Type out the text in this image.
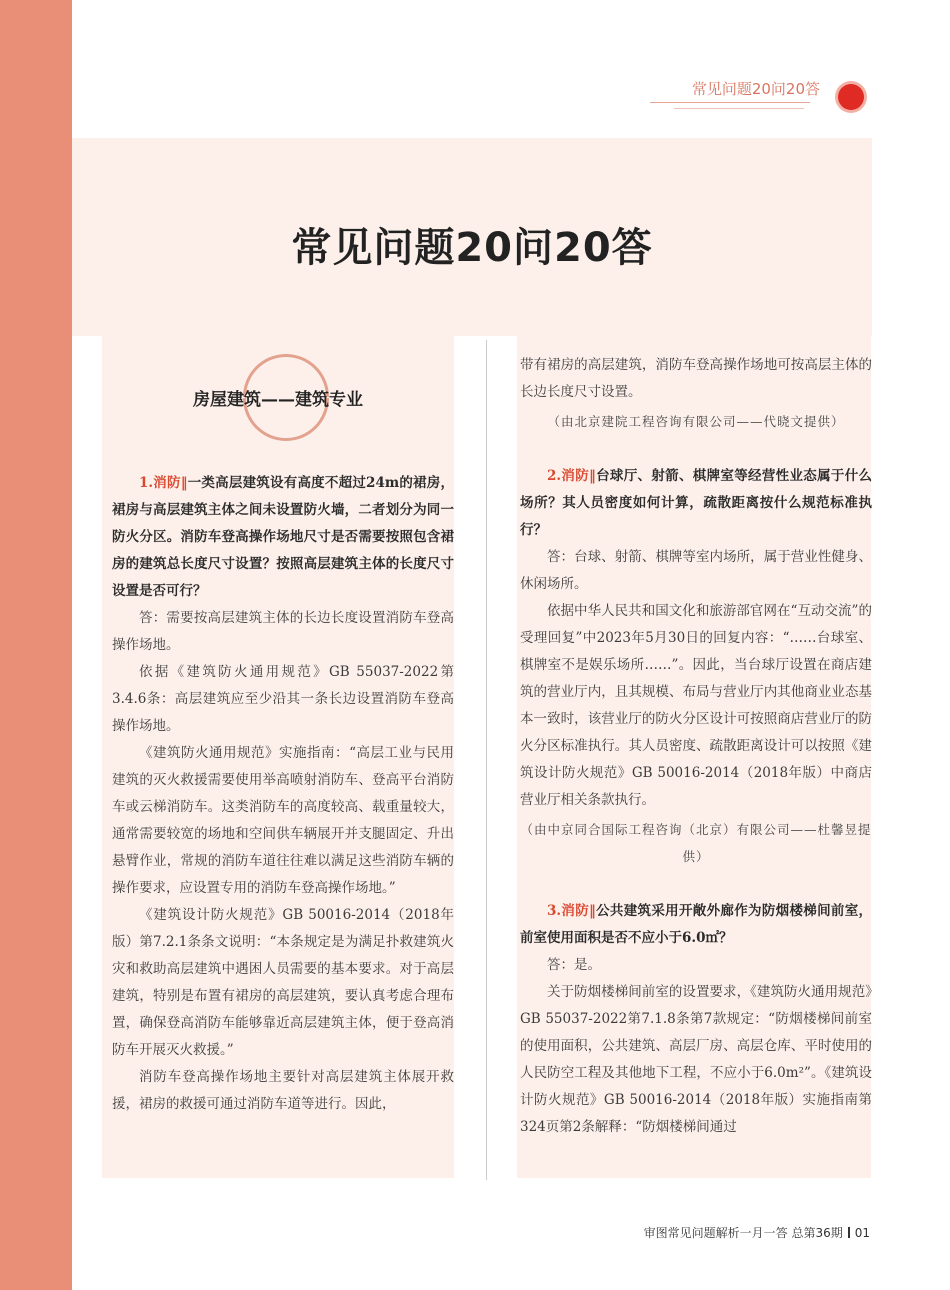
常见问题20问20答
常见问题20问20答
房屋建筑——建筑专业

1.消防‖一类高层建筑设有高度不超过24m的裙房，裙房与高层建筑主体之间未设置防火墙，二者划分为同一防火分区。消防车登高操作场地尺寸是否需要按照包含裙房的建筑总长度尺寸设置？按照高层建筑主体的长度尺寸设置是否可行？

答：需要按高层建筑主体的长边长度设置消防车登高操作场地。

依据《建筑防火通用规范》GB 55037-2022第3.4.6条：高层建筑应至少沿其一条长边设置消防车登高操作场地。

《建筑防火通用规范》实施指南：“高层工业与民用建筑的灭火救援需要使用举高喷射消防车、登高平台消防车或云梯消防车。这类消防车的高度较高、载重量较大，通常需要较宽的场地和空间供车辆展开并支腿固定、升出悬臂作业，常规的消防车道往往难以满足这些消防车辆的操作要求，应设置专用的消防车登高操作场地。”

《建筑设计防火规范》GB 50016-2014（2018年版）第7.2.1条条文说明：“本条规定是为满足扑救建筑火灾和救助高层建筑中遇困人员需要的基本要求。对于高层建筑，特别是布置有裙房的高层建筑，要认真考虑合理布置，确保登高消防车能够靠近高层建筑主体，便于登高消防车开展灭火救援。”

消防车登高操作场地主要针对高层建筑主体展开救援，裙房的救援可通过消防车道等进行。因此，

带有裙房的高层建筑，消防车登高操作场地可按高层主体的长边长度尺寸设置。

（由北京建院工程咨询有限公司——代晓文提供）

2.消防‖台球厅、射箭、棋牌室等经营性业态属于什么场所？其人员密度如何计算，疏散距离按什么规范标准执行？

答：台球、射箭、棋牌等室内场所，属于营业性健身、休闲场所。

依据中华人民共和国文化和旅游部官网在“互动交流”的受理回复”中2023年5月30日的回复内容：“……台球室、棋牌室不是娱乐场所……”。因此，当台球厅设置在商店建筑的营业厅内，且其规模、布局与营业厅内其他商业业态基本一致时，该营业厅的防火分区设计可按照商店营业厅的防火分区标准执行。其人员密度、疏散距离设计可以按照《建筑设计防火规范》GB 50016-2014（2018年版）中商店营业厅相关条款执行。

（由中京同合国际工程咨询（北京）有限公司——杜馨昱提供）

3.消防‖公共建筑采用开敞外廊作为防烟楼梯间前室，前室使用面积是否不应小于6.0㎡？

答：是。

关于防烟楼梯间前室的设置要求，《建筑防火通用规范》GB 55037-2022第7.1.8条第7款规定：“防烟楼梯间前室的使用面积，公共建筑、高层厂房、高层仓库、平时使用的人民防空工程及其他地下工程，不应小于6.0m²”。《建筑设计防火规范》GB 50016-2014（2018年版）实施指南第324页第2条解释：“防烟楼梯间通过

审图常见问题解析一月一答 总第36期 01
